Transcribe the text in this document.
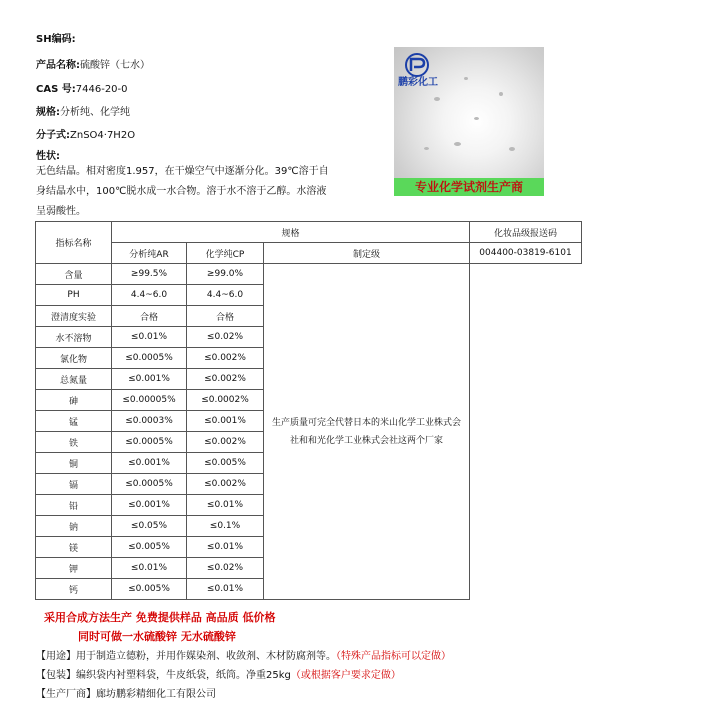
SH编码:
产品名称:硫酸锌（七水）
CAS 号:7446-20-0
规格:分析纯、化学纯
分子式:ZnSO4·7H2O
性状:
无色结晶。相对密度1.957，在干燥空气中逐渐分化。39℃溶于自
身结晶水中，100℃脱水成一水合物。溶于水不溶于乙醇。水溶液
呈弱酸性。
鹏彩化工
专业化学试剂生产商
指标名称	规格			化妆品级报送码
	分析纯AR	化学纯CP	制定级	004400-03819-6101
含量	≥99.5%	≥99.0%	生产质量可完全代替日本的米山化学工业株式会
社和和光化学工业株式会社这两个厂家	

PH	4.4~6.0	4.4~6.0		
澄清度实验	合格	合格		
水不溶物	≤0.01%	≤0.02%		
氯化物	≤0.0005%	≤0.002%		
总氮量	≤0.001%	≤0.002%		
砷	≤0.00005%	≤0.0002%		
锰	≤0.0003%	≤0.001%		
铁	≤0.0005%	≤0.002%		
铜	≤0.001%	≤0.005%		
镉	≤0.0005%	≤0.002%		
铅	≤0.001%	≤0.01%		
钠	≤0.05%	≤0.1%		
镁	≤0.005%	≤0.01%		
钾	≤0.01%	≤0.02%		
钙	≤0.005%	≤0.01%		
采用合成方法生产 免费提供样品 高品质 低价格
同时可做一水硫酸锌 无水硫酸锌
【用途】用于制造立德粉，并用作媒染剂、收敛剂、木材防腐剂等。（特殊产品指标可以定做）
【包装】编织袋内衬塑料袋，牛皮纸袋，纸筒。净重25kg（或根据客户要求定做）
【生产厂商】廊坊鹏彩精细化工有限公司
